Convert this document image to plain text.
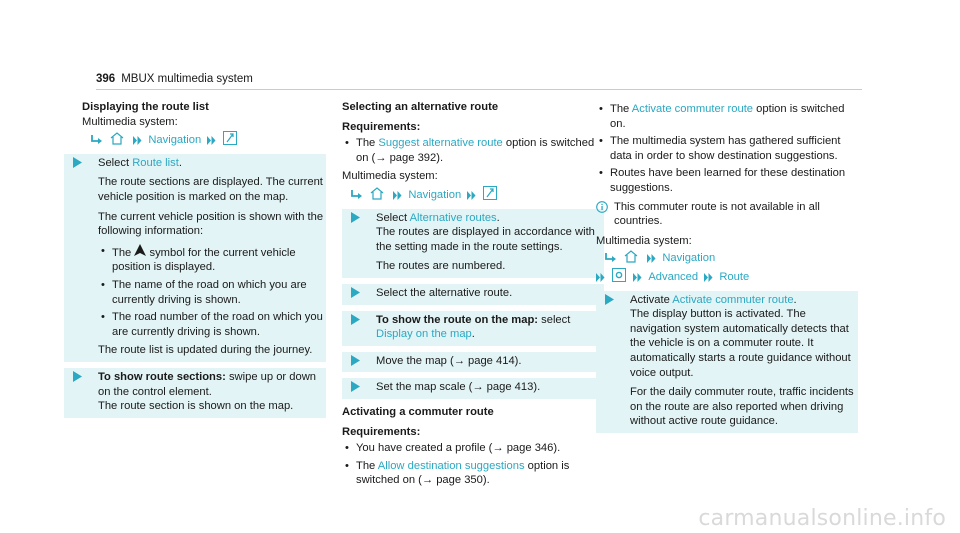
396 MBUX multimedia system
Displaying the route list
Multimedia system:
Navigation
Select Route list.
The route sections are displayed. The current vehicle position is marked on the map.
The current vehicle position is shown with the following information:
• The  symbol for the current vehicle position is displayed.
• The name of the road on which you are currently driving is shown.
• The road number of the road on which you are currently driving is shown.
The route list is updated during the journey.
To show route sections: swipe up or down on the control element.
The route section is shown on the map.
Selecting an alternative route
Requirements:
• The Suggest alternative route option is switched on (→ page 392).
Multimedia system:
Navigation
Select Alternative routes.
The routes are displayed in accordance with the setting made in the route settings.
The routes are numbered.
Select the alternative route.
To show the route on the map: select Display on the map.
Move the map (→ page 414).
Set the map scale (→ page 413).
Activating a commuter route
Requirements:
• You have created a profile (→ page 346).
• The Allow destination suggestions option is switched on (→ page 350).
• The Activate commuter route option is switched on.
• The multimedia system has gathered sufficient data in order to show destination suggestions.
• Routes have been learned for these destination suggestions.
This commuter route is not available in all countries.
Multimedia system:
Navigation
Advanced Route
Activate Activate commuter route.
The display button is activated. The navigation system automatically detects that the vehicle is on a commuter route. It automatically starts a route guidance without voice output.
For the daily commuter route, traffic incidents on the route are also reported when driving without active route guidance.
carmanualsonline.info
